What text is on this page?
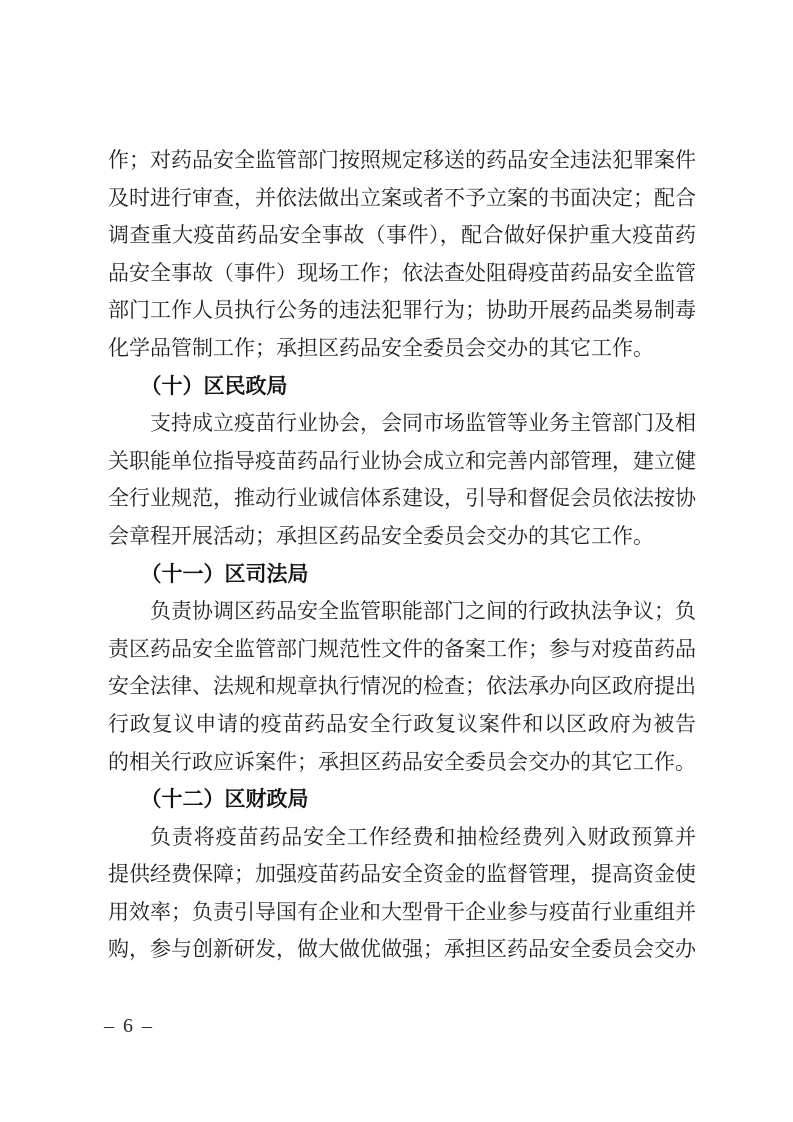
作；对药品安全监管部门按照规定移送的药品安全违法犯罪案件
及时进行审查，并依法做出立案或者不予立案的书面决定；配合
调查重大疫苗药品安全事故（事件），配合做好保护重大疫苗药
品安全事故（事件）现场工作；依法查处阻碍疫苗药品安全监管
部门工作人员执行公务的违法犯罪行为；协助开展药品类易制毒
化学品管制工作；承担区药品安全委员会交办的其它工作。
（十）区民政局
支持成立疫苗行业协会，会同市场监管等业务主管部门及相
关职能单位指导疫苗药品行业协会成立和完善内部管理，建立健
全行业规范，推动行业诚信体系建设，引导和督促会员依法按协
会章程开展活动；承担区药品安全委员会交办的其它工作。
（十一）区司法局
负责协调区药品安全监管职能部门之间的行政执法争议；负
责区药品安全监管部门规范性文件的备案工作；参与对疫苗药品
安全法律、法规和规章执行情况的检查；依法承办向区政府提出
行政复议申请的疫苗药品安全行政复议案件和以区政府为被告
的相关行政应诉案件；承担区药品安全委员会交办的其它工作。
（十二）区财政局
负责将疫苗药品安全工作经费和抽检经费列入财政预算并
提供经费保障；加强疫苗药品安全资金的监督管理，提高资金使
用效率；负责引导国有企业和大型骨干企业参与疫苗行业重组并
购，参与创新研发，做大做优做强；承担区药品安全委员会交办
– 6 –
